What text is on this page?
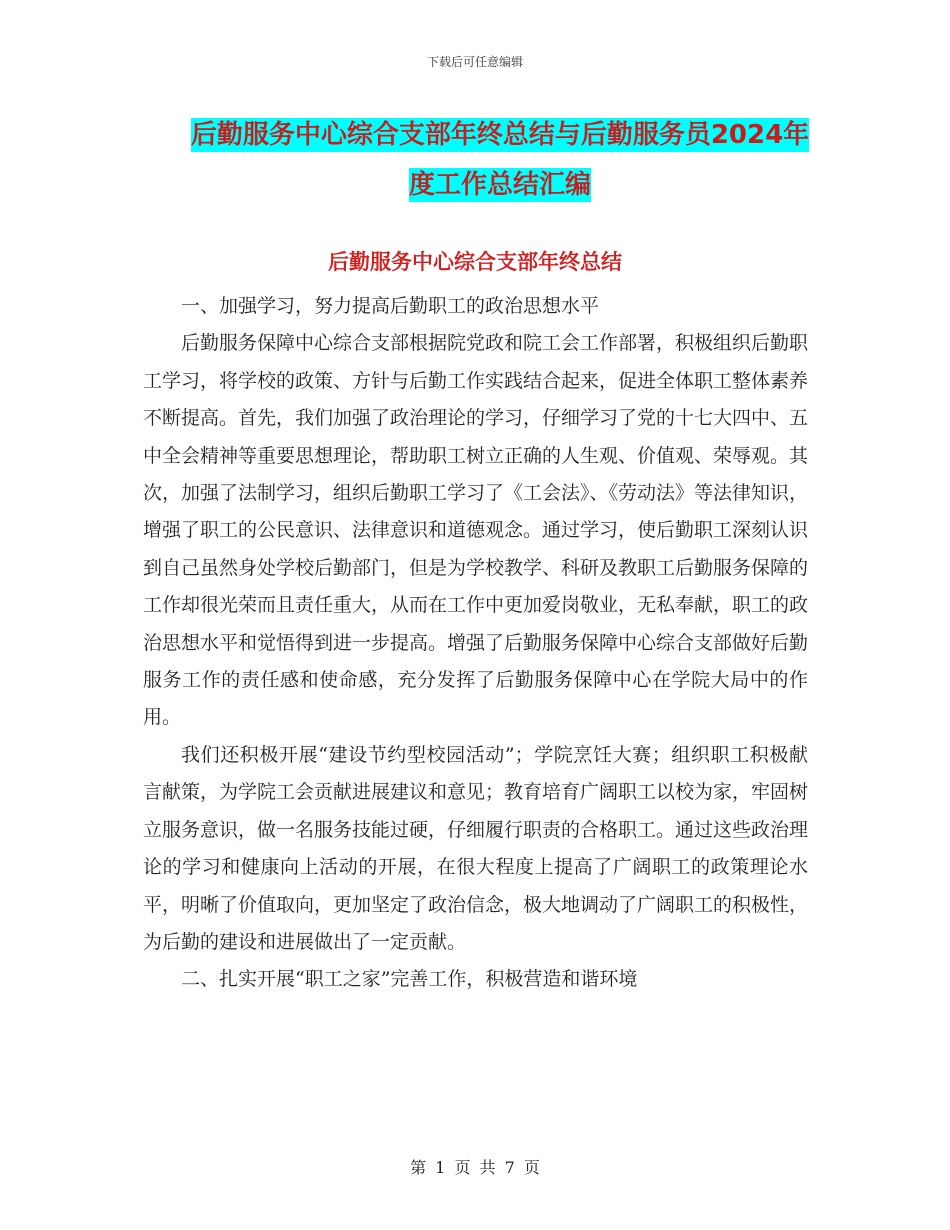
下载后可任意编辑
后勤服务中心综合支部年终总结与后勤服务员2024年
度工作总结汇编
后勤服务中心综合支部年终总结

一、加强学习，努力提高后勤职工的政治思想水平

后勤服务保障中心综合支部根据院党政和院工会工作部署，积极组织后勤职工学习，将学校的政策、方针与后勤工作实践结合起来，促进全体职工整体素养不断提高。首先，我们加强了政治理论的学习，仔细学习了党的十七大四中、五中全会精神等重要思想理论，帮助职工树立正确的人生观、价值观、荣辱观。其次，加强了法制学习，组织后勤职工学习了《工会法》、《劳动法》等法律知识，增强了职工的公民意识、法律意识和道德观念。通过学习，使后勤职工深刻认识到自己虽然身处学校后勤部门，但是为学校教学、科研及教职工后勤服务保障的工作却很光荣而且责任重大，从而在工作中更加爱岗敬业，无私奉献，职工的政治思想水平和觉悟得到进一步提高。增强了后勤服务保障中心综合支部做好后勤服务工作的责任感和使命感，充分发挥了后勤服务保障中心在学院大局中的作用。

我们还积极开展“建设节约型校园活动”；学院烹饪大赛；组织职工积极献言献策，为学院工会贡献进展建议和意见；教育培育广阔职工以校为家，牢固树立服务意识，做一名服务技能过硬，仔细履行职责的合格职工。通过这些政治理论的学习和健康向上活动的开展，在很大程度上提高了广阔职工的政策理论水平，明晰了价值取向，更加坚定了政治信念，极大地调动了广阔职工的积极性，为后勤的建设和进展做出了一定贡献。

二、扎实开展“职工之家”完善工作，积极营造和谐环境

第 1 页 共 7 页
